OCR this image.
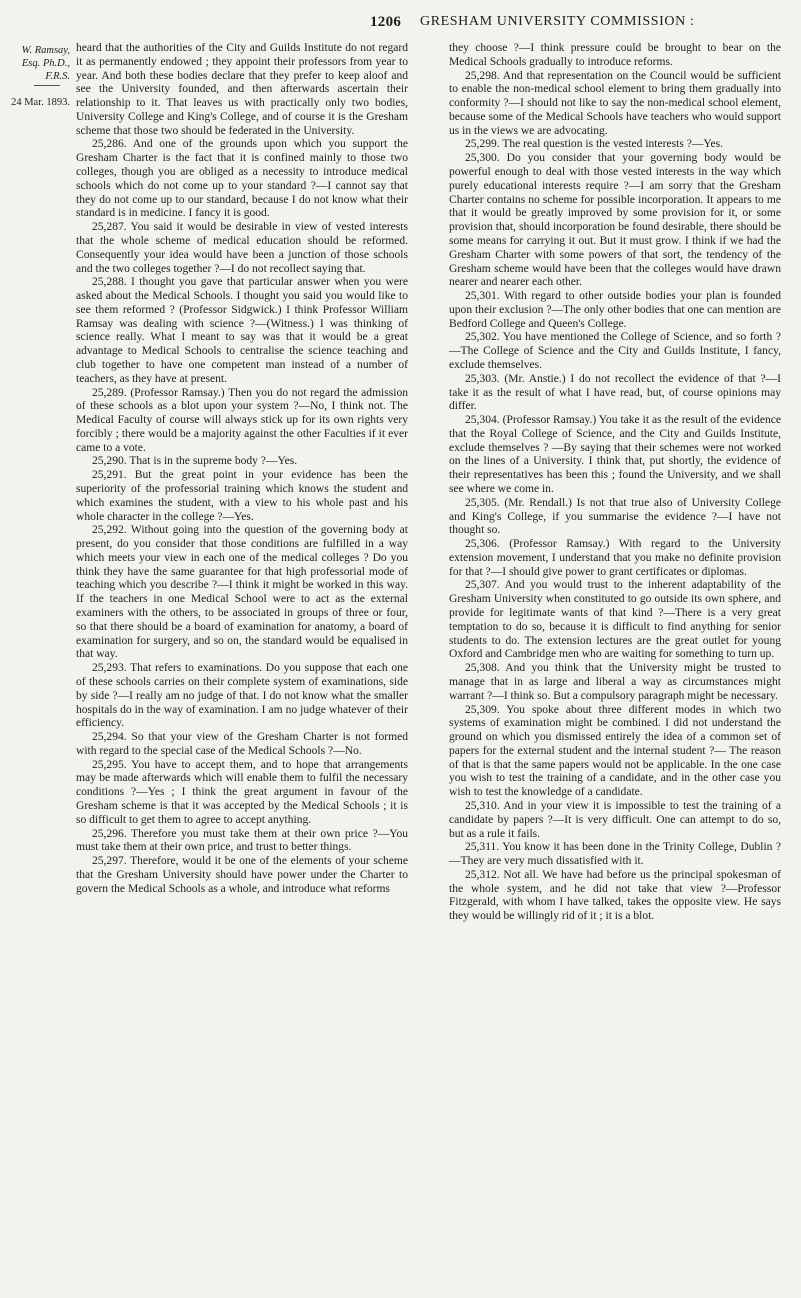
1206 GRESHAM UNIVERSITY COMMISSION :
W. Ramsay,
Esq. Ph.D.,
F.R.S.
24 Mar. 1893.

heard that the authorities of the City and Guilds Institute do not regard it as permanently endowed ; they appoint their professors from year to year. And both these bodies declare that they prefer to keep aloof and see the University founded, and then afterwards ascertain their relationship to it. That leaves us with practically only two bodies, University College and King's College, and of course it is the Gresham scheme that those two should be federated in the University.

25,286. And one of the grounds upon which you support the Gresham Charter is the fact that it is confined mainly to those two colleges, though you are obliged as a necessity to introduce medical schools which do not come up to your standard ?—I cannot say that they do not come up to our standard, because I do not know what their standard is in medicine. I fancy it is good.

25,287. You said it would be desirable in view of vested interests that the whole scheme of medical education should be reformed. Consequently your idea would have been a junction of those schools and the two colleges together ?—I do not recollect saying that.

25,288. I thought you gave that particular answer when you were asked about the Medical Schools. I thought you said you would like to see them reformed ? (Professor Sidgwick.) I think Professor William Ramsay was dealing with science ?—(Witness.) I was thinking of science really. What I meant to say was that it would be a great advantage to Medical Schools to centralise the science teaching and club together to have one competent man instead of a number of teachers, as they have at present.

25,289. (Professor Ramsay.) Then you do not regard the admission of these schools as a blot upon your system ?—No, I think not. The Medical Faculty of course will always stick up for its own rights very forcibly ; there would be a majority against the other Faculties if it ever came to a vote.

25,290. That is in the supreme body ?—Yes.

25,291. But the great point in your evidence has been the superiority of the professorial training which knows the student and which examines the student, with a view to his whole past and his whole character in the college ?—Yes.

25,292. Without going into the question of the governing body at present, do you consider that those conditions are fulfilled in a way which meets your view in each one of the medical colleges ? Do you think they have the same guarantee for that high professorial mode of teaching which you describe ?—I think it might be worked in this way. If the teachers in one Medical School were to act as the external examiners with the others, to be associated in groups of three or four, so that there should be a board of examination for anatomy, a board of examination for surgery, and so on, the standard would be equalised in that way.

25,293. That refers to examinations. Do you suppose that each one of these schools carries on their complete system of examinations, side by side ?—I really am no judge of that. I do not know what the smaller hospitals do in the way of examination. I am no judge whatever of their efficiency.

25,294. So that your view of the Gresham Charter is not formed with regard to the special case of the Medical Schools ?—No.

25,295. You have to accept them, and to hope that arrangements may be made afterwards which will enable them to fulfil the necessary conditions ?—Yes ; I think the great argument in favour of the Gresham scheme is that it was accepted by the Medical Schools ; it is so difficult to get them to agree to accept anything.

25,296. Therefore you must take them at their own price ?—You must take them at their own price, and trust to better things.

25,297. Therefore, would it be one of the elements of your scheme that the Gresham University should have power under the Charter to govern the Medical Schools as a whole, and introduce what reforms

they choose ?—I think pressure could be brought to bear on the Medical Schools gradually to introduce reforms.

25,298. And that representation on the Council would be sufficient to enable the non-medical school element to bring them gradually into conformity ?—I should not like to say the non-medical school element, because some of the Medical Schools have teachers who would support us in the views we are advocating.

25,299. The real question is the vested interests ?—Yes.

25,300. Do you consider that your governing body would be powerful enough to deal with those vested interests in the way which purely educational interests require ?—I am sorry that the Gresham Charter contains no scheme for possible incorporation. It appears to me that it would be greatly improved by some provision for it, or some provision that, should incorporation be found desirable, there should be some means for carrying it out. But it must grow. I think if we had the Gresham Charter with some powers of that sort, the tendency of the Gresham scheme would have been that the colleges would have drawn nearer and nearer each other.

25,301. With regard to other outside bodies your plan is founded upon their exclusion ?—The only other bodies that one can mention are Bedford College and Queen's College.

25,302. You have mentioned the College of Science, and so forth ?—The College of Science and the City and Guilds Institute, I fancy, exclude themselves.

25,303. (Mr. Anstie.) I do not recollect the evidence of that ?—I take it as the result of what I have read, but, of course opinions may differ.

25,304. (Professor Ramsay.) You take it as the result of the evidence that the Royal College of Science, and the City and Guilds Institute, exclude themselves ? —By saying that their schemes were not worked on the lines of a University. I think that, put shortly, the evidence of their representatives has been this ; found the University, and we shall see where we come in.

25,305. (Mr. Rendall.) Is not that true also of University College and King's College, if you summarise the evidence ?—I have not thought so.

25,306. (Professor Ramsay.) With regard to the University extension movement, I understand that you make no definite provision for that ?—I should give power to grant certificates or diplomas.

25,307. And you would trust to the inherent adaptability of the Gresham University when constituted to go outside its own sphere, and provide for legitimate wants of that kind ?—There is a very great temptation to do so, because it is difficult to find anything for senior students to do. The extension lectures are the great outlet for young Oxford and Cambridge men who are waiting for something to turn up.

25,308. And you think that the University might be trusted to manage that in as large and liberal a way as circumstances might warrant ?—I think so. But a compulsory paragraph might be necessary.

25,309. You spoke about three different modes in which two systems of examination might be combined. I did not understand the ground on which you dismissed entirely the idea of a common set of papers for the external student and the internal student ?— The reason of that is that the same papers would not be applicable. In the one case you wish to test the training of a candidate, and in the other case you wish to test the knowledge of a candidate.

25,310. And in your view it is impossible to test the training of a candidate by papers ?—It is very difficult. One can attempt to do so, but as a rule it fails.

25,311. You know it has been done in the Trinity College, Dublin ?—They are very much dissatisfied with it.

25,312. Not all. We have had before us the principal spokesman of the whole system, and he did not take that view ?—Professor Fitzgerald, with whom I have talked, takes the opposite view. He says they would be willingly rid of it ; it is a blot.
